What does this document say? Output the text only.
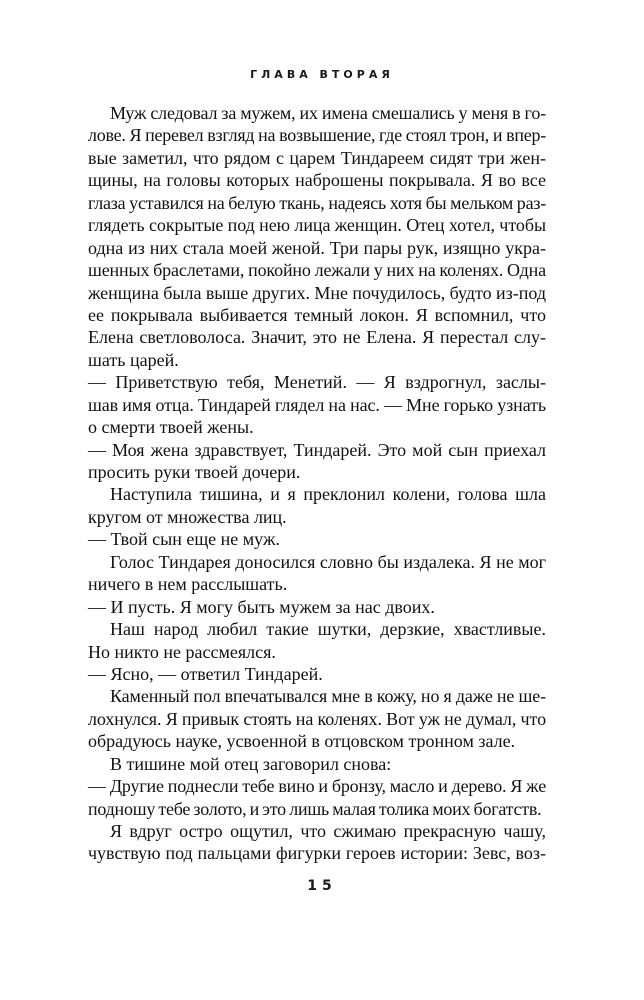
ГЛАВА ВТОРАЯ
Муж следовал за мужем, их имена смешались у меня в го-
лове. Я перевел взгляд на возвышение, где стоял трон, и впер-
вые заметил, что рядом с царем Тиндареем сидят три жен-
щины, на головы которых наброшены покрывала. Я во все
глаза уставился на белую ткань, надеясь хотя бы мельком раз-
глядеть сокрытые под нею лица женщин. Отец хотел, чтобы
одна из них стала моей женой. Три пары рук, изящно укра-
шенных браслетами, покойно лежали у них на коленях. Одна
женщина была выше других. Мне почудилось, будто из-под
ее покрывала выбивается темный локон. Я вспомнил, что
Елена светловолоса. Значит, это не Елена. Я перестал слу-
шать царей.
— Приветствую тебя, Менетий. — Я вздрогнул, заслы-
шав имя отца. Тиндарей глядел на нас. — Мне горько узнать
о смерти твоей жены.
— Моя жена здравствует, Тиндарей. Это мой сын приехал
просить руки твоей дочери.
Наступила тишина, и я преклонил колени, голова шла
кругом от множества лиц.
— Твой сын еще не муж.
Голос Тиндарея доносился словно бы издалека. Я не мог
ничего в нем расслышать.
— И пусть. Я могу быть мужем за нас двоих.
Наш народ любил такие шутки, дерзкие, хвастливые.
Но никто не рассмеялся.
— Ясно, — ответил Тиндарей.
Каменный пол впечатывался мне в кожу, но я даже не ше-
лохнулся. Я привык стоять на коленях. Вот уж не думал, что
обрадуюсь науке, усвоенной в отцовском тронном зале.
В тишине мой отец заговорил снова:
— Другие поднесли тебе вино и бронзу, масло и дерево. Я же
подношу тебе золото, и это лишь малая толика моих богатств.
Я вдруг остро ощутил, что сжимаю прекрасную чашу,
чувствую под пальцами фигурки героев истории: Зевс, воз-
15
